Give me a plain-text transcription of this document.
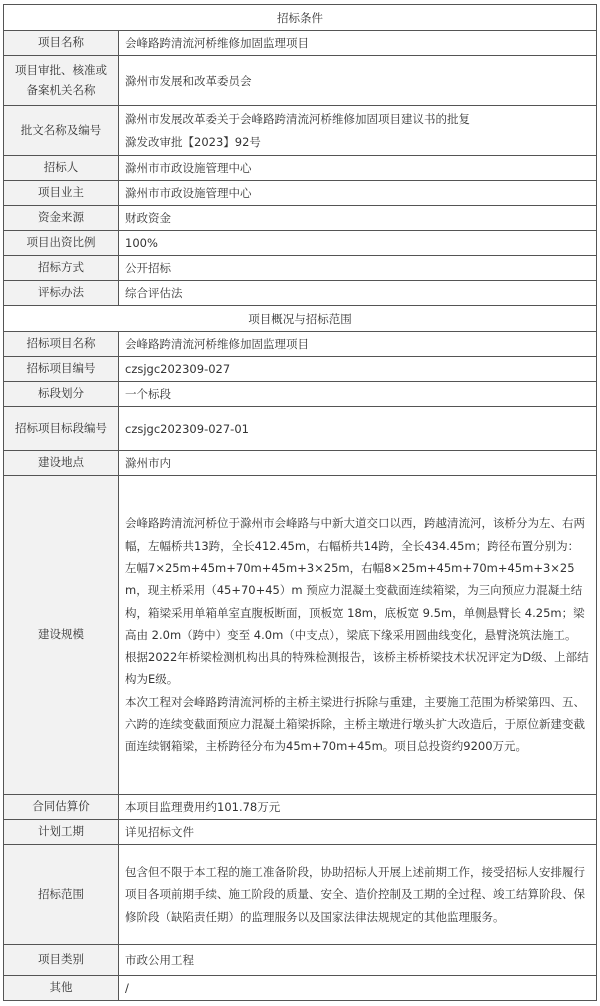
招标条件	
项目名称	会峰路跨清流河桥维修加固监理项目
项目审批、核准或备案机关名称	滁州市发展和改革委员会
批文名称及编号	滁州市发展改革委关于会峰路跨清流河桥维修加固项目建议书的批复
滁发改审批【2023】92号

招标人	滁州市市政设施管理中心
项目业主	滁州市市政设施管理中心
资金来源	财政资金
项目出资比例	100%
招标方式	公开招标
评标办法	综合评估法
项目概况与招标范围	
招标项目名称	会峰路跨清流河桥维修加固监理项目
招标项目编号	czsjgc202309-027
标段划分	一个标段
招标项目标段编号	czsjgc202309-027-01
建设地点	滁州市内
建设规模	会峰路跨清流河桥位于滁州市会峰路与中新大道交口以西，跨越清流河，该桥分为左、右两幅，左幅桥共13跨，全长412.45m，右幅桥共14跨，全长434.45m；跨径布置分别为：左幅7×25m+45m+70m+45m+3×25m，右幅8×25m+45m+70m+45m+3×25m，现主桥采用（45+70+45）m 预应力混凝土变截面连续箱梁，为三向预应力混凝土结构，箱梁采用单箱单室直腹板断面，顶板宽 18m，底板宽 9.5m，单侧悬臂长 4.25m；梁高由 2.0m（跨中）变至 4.0m（中支点），梁底下缘采用圆曲线变化，悬臂浇筑法施工。
根据2022年桥梁检测机构出具的特殊检测报告，该桥主桥桥梁技术状况评定为D级、上部结构为E级。
本次工程对会峰路跨清流河桥的主桥主梁进行拆除与重建，主要施工范围为桥梁第四、五、六跨的连续变截面预应力混凝土箱梁拆除，主桥主墩进行墩头扩大改造后，于原位新建变截面连续钢箱梁，主桥跨径分布为45m+70m+45m。项目总投资约9200万元。

合同估算价	本项目监理费用约101.78万元
计划工期	详见招标文件
招标范围	包含但不限于本工程的施工准备阶段，协助招标人开展上述前期工作，接受招标人安排履行项目各项前期手续、施工阶段的质量、安全、造价控制及工期的全过程、竣工结算阶段、保修阶段（缺陷责任期）的监理服务以及国家法律法规规定的其他监理服务。
项目类别	市政公用工程
其他	/
